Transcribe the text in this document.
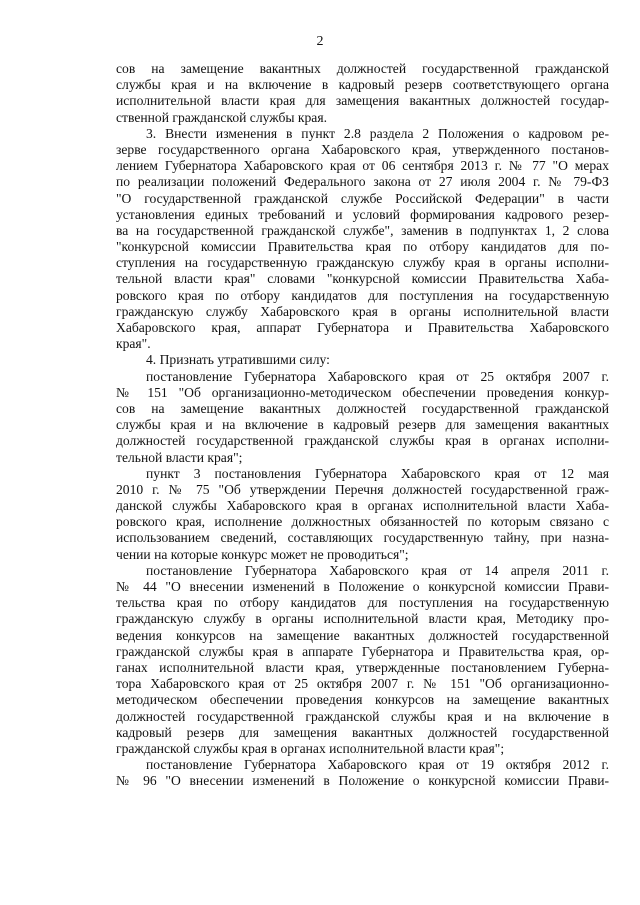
2
сов на замещение вакантных должностей государственной гражданской
службы края и на включение в кадровый резерв соответствующего органа
исполнительной власти края для замещения вакантных должностей государ-
ственной гражданской службы края.
3. Внести изменения в пункт 2.8 раздела 2 Положения о кадровом ре-
зерве государственного органа Хабаровского края, утвержденного постанов-
лением Губернатора Хабаровского края от 06 сентября 2013 г. № 77 "О мерах
по реализации положений Федерального закона от 27 июля 2004 г. № 79-ФЗ
"О государственной гражданской службе Российской Федерации" в части
установления единых требований и условий формирования кадрового резер-
ва на государственной гражданской службе", заменив в подпунктах 1, 2 слова
"конкурсной комиссии Правительства края по отбору кандидатов для по-
ступления на государственную гражданскую службу края в органы исполни-
тельной власти края" словами "конкурсной комиссии Правительства Хаба-
ровского края по отбору кандидатов для поступления на государственную
гражданскую службу Хабаровского края в органы исполнительной власти
Хабаровского края, аппарат Губернатора и Правительства Хабаровского
края".
4. Признать утратившими силу:
постановление Губернатора Хабаровского края от 25 октября 2007 г.
№ 151 "Об организационно-методическом обеспечении проведения конкур-
сов на замещение вакантных должностей государственной гражданской
службы края и на включение в кадровый резерв для замещения вакантных
должностей государственной гражданской службы края в органах исполни-
тельной власти края";
пункт 3 постановления Губернатора Хабаровского края от 12 мая
2010 г. № 75 "Об утверждении Перечня должностей государственной граж-
данской службы Хабаровского края в органах исполнительной власти Хаба-
ровского края, исполнение должностных обязанностей по которым связано с
использованием сведений, составляющих государственную тайну, при назна-
чении на которые конкурс может не проводиться";
постановление Губернатора Хабаровского края от 14 апреля 2011 г.
№ 44 "О внесении изменений в Положение о конкурсной комиссии Прави-
тельства края по отбору кандидатов для поступления на государственную
гражданскую службу в органы исполнительной власти края, Методику про-
ведения конкурсов на замещение вакантных должностей государственной
гражданской службы края в аппарате Губернатора и Правительства края, ор-
ганах исполнительной власти края, утвержденные постановлением Губерна-
тора Хабаровского края от 25 октября 2007 г. № 151 "Об организационно-
методическом обеспечении проведения конкурсов на замещение вакантных
должностей государственной гражданской службы края и на включение в
кадровый резерв для замещения вакантных должностей государственной
гражданской службы края в органах исполнительной власти края";
постановление Губернатора Хабаровского края от 19 октября 2012 г.
№ 96 "О внесении изменений в Положение о конкурсной комиссии Прави-
